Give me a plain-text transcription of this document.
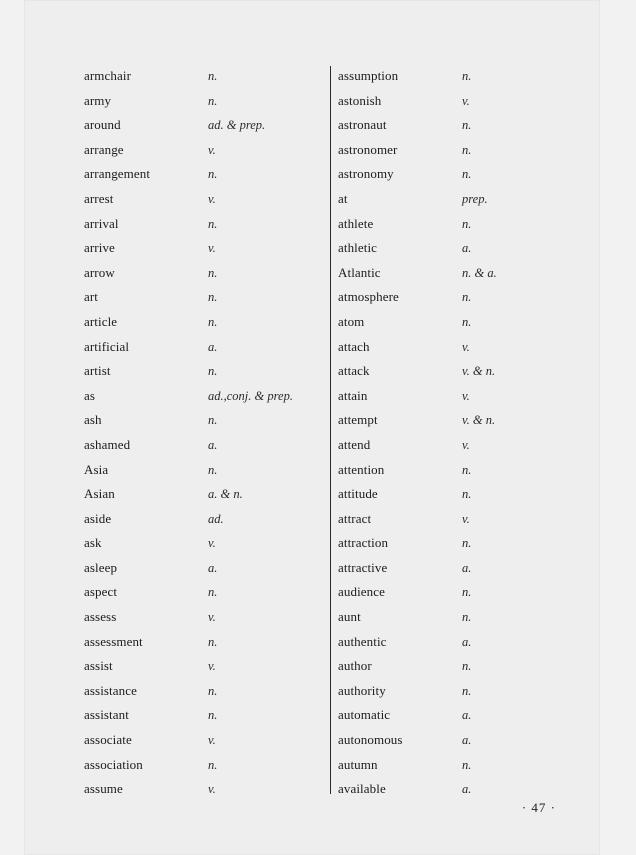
armchair	n.
army	n.
around	ad. & prep.
arrange	v.
arrangement	n.
arrest	v.
arrival	n.
arrive	v.
arrow	n.
art	n.
article	n.
artificial	a.
artist	n.
as	ad.,conj. & prep.
ash	n.
ashamed	a.
Asia	n.
Asian	a. & n.
aside	ad.
ask	v.
asleep	a.
aspect	n.
assess	v.
assessment	n.
assist	v.
assistance	n.
assistant	n.
associate	v.
association	n.
assume	v.
assumption	n.
astonish	v.
astronaut	n.
astronomer	n.
astronomy	n.
at	prep.
athlete	n.
athletic	a.
Atlantic	n. & a.
atmosphere	n.
atom	n.
attach	v.
attack	v. & n.
attain	v.
attempt	v. & n.
attend	v.
attention	n.
attitude	n.
attract	v.
attraction	n.
attractive	a.
audience	n.
aunt	n.
authentic	a.
author	n.
authority	n.
automatic	a.
autonomous	a.
autumn	n.
available	a.
· 47 ·
